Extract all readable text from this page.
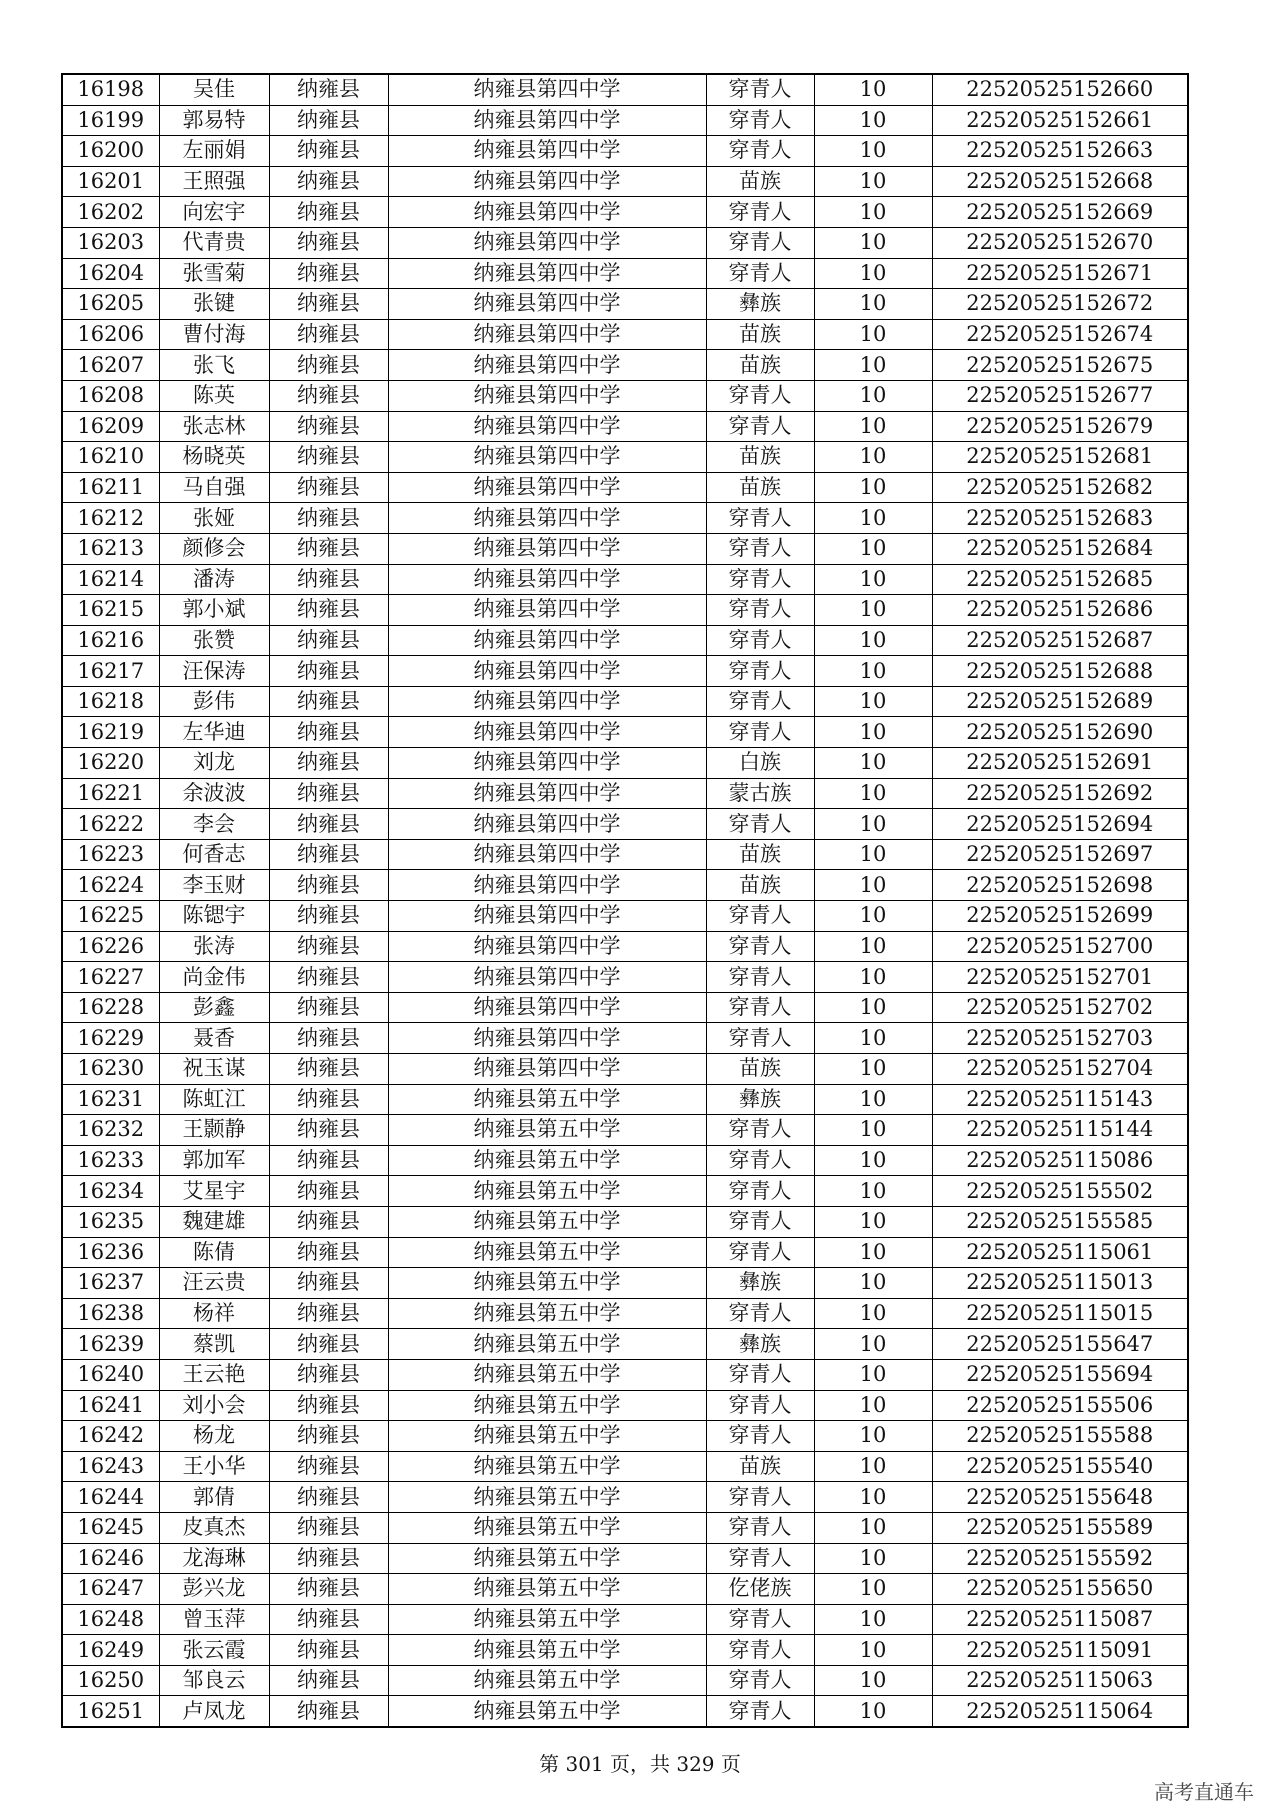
16198	吴佳	纳雍县	纳雍县第四中学	穿青人	10	22520525152660
16199	郭易特	纳雍县	纳雍县第四中学	穿青人	10	22520525152661
16200	左丽娟	纳雍县	纳雍县第四中学	穿青人	10	22520525152663
16201	王照强	纳雍县	纳雍县第四中学	苗族	10	22520525152668
16202	向宏宇	纳雍县	纳雍县第四中学	穿青人	10	22520525152669
16203	代青贵	纳雍县	纳雍县第四中学	穿青人	10	22520525152670
16204	张雪菊	纳雍县	纳雍县第四中学	穿青人	10	22520525152671
16205	张键	纳雍县	纳雍县第四中学	彝族	10	22520525152672
16206	曹付海	纳雍县	纳雍县第四中学	苗族	10	22520525152674
16207	张飞	纳雍县	纳雍县第四中学	苗族	10	22520525152675
16208	陈英	纳雍县	纳雍县第四中学	穿青人	10	22520525152677
16209	张志林	纳雍县	纳雍县第四中学	穿青人	10	22520525152679
16210	杨晓英	纳雍县	纳雍县第四中学	苗族	10	22520525152681
16211	马自强	纳雍县	纳雍县第四中学	苗族	10	22520525152682
16212	张娅	纳雍县	纳雍县第四中学	穿青人	10	22520525152683
16213	颜修会	纳雍县	纳雍县第四中学	穿青人	10	22520525152684
16214	潘涛	纳雍县	纳雍县第四中学	穿青人	10	22520525152685
16215	郭小斌	纳雍县	纳雍县第四中学	穿青人	10	22520525152686
16216	张赞	纳雍县	纳雍县第四中学	穿青人	10	22520525152687
16217	汪保涛	纳雍县	纳雍县第四中学	穿青人	10	22520525152688
16218	彭伟	纳雍县	纳雍县第四中学	穿青人	10	22520525152689
16219	左华迪	纳雍县	纳雍县第四中学	穿青人	10	22520525152690
16220	刘龙	纳雍县	纳雍县第四中学	白族	10	22520525152691
16221	余波波	纳雍县	纳雍县第四中学	蒙古族	10	22520525152692
16222	李会	纳雍县	纳雍县第四中学	穿青人	10	22520525152694
16223	何香志	纳雍县	纳雍县第四中学	苗族	10	22520525152697
16224	李玉财	纳雍县	纳雍县第四中学	苗族	10	22520525152698
16225	陈锶宇	纳雍县	纳雍县第四中学	穿青人	10	22520525152699
16226	张涛	纳雍县	纳雍县第四中学	穿青人	10	22520525152700
16227	尚金伟	纳雍县	纳雍县第四中学	穿青人	10	22520525152701
16228	彭鑫	纳雍县	纳雍县第四中学	穿青人	10	22520525152702
16229	聂香	纳雍县	纳雍县第四中学	穿青人	10	22520525152703
16230	祝玉谋	纳雍县	纳雍县第四中学	苗族	10	22520525152704
16231	陈虹江	纳雍县	纳雍县第五中学	彝族	10	22520525115143
16232	王颢静	纳雍县	纳雍县第五中学	穿青人	10	22520525115144
16233	郭加军	纳雍县	纳雍县第五中学	穿青人	10	22520525115086
16234	艾星宇	纳雍县	纳雍县第五中学	穿青人	10	22520525155502
16235	魏建雄	纳雍县	纳雍县第五中学	穿青人	10	22520525155585
16236	陈倩	纳雍县	纳雍县第五中学	穿青人	10	22520525115061
16237	汪云贵	纳雍县	纳雍县第五中学	彝族	10	22520525115013
16238	杨祥	纳雍县	纳雍县第五中学	穿青人	10	22520525115015
16239	蔡凯	纳雍县	纳雍县第五中学	彝族	10	22520525155647
16240	王云艳	纳雍县	纳雍县第五中学	穿青人	10	22520525155694
16241	刘小会	纳雍县	纳雍县第五中学	穿青人	10	22520525155506
16242	杨龙	纳雍县	纳雍县第五中学	穿青人	10	22520525155588
16243	王小华	纳雍县	纳雍县第五中学	苗族	10	22520525155540
16244	郭倩	纳雍县	纳雍县第五中学	穿青人	10	22520525155648
16245	皮真杰	纳雍县	纳雍县第五中学	穿青人	10	22520525155589
16246	龙海琳	纳雍县	纳雍县第五中学	穿青人	10	22520525155592
16247	彭兴龙	纳雍县	纳雍县第五中学	仡佬族	10	22520525155650
16248	曾玉萍	纳雍县	纳雍县第五中学	穿青人	10	22520525115087
16249	张云霞	纳雍县	纳雍县第五中学	穿青人	10	22520525115091
16250	邹良云	纳雍县	纳雍县第五中学	穿青人	10	22520525115063
16251	卢凤龙	纳雍县	纳雍县第五中学	穿青人	10	22520525115064
第 301 页，共 329 页
高考直通车
